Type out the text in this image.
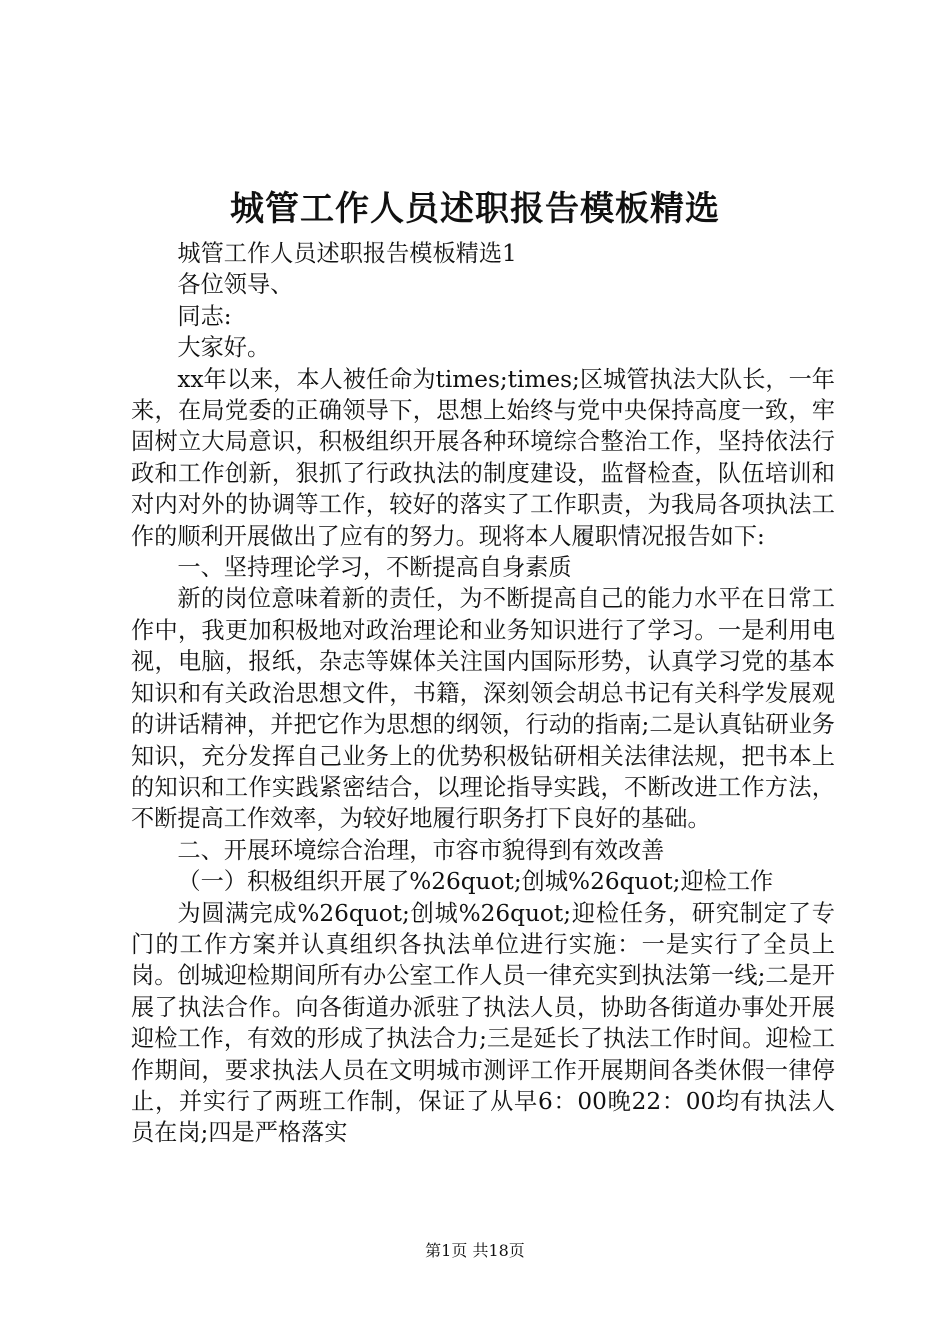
城管工作人员述职报告模板精选

城管工作人员述职报告模板精选1

各位领导、

同志:

大家好。

xx年以来，本人被任命为times;times;区城管执法大队长，一年来，在局党委的正确领导下，思想上始终与党中央保持高度一致，牢固树立大局意识，积极组织开展各种环境综合整治工作，坚持依法行政和工作创新，狠抓了行政执法的制度建设，监督检查，队伍培训和对内对外的协调等工作，较好的落实了工作职责，为我局各项执法工作的顺利开展做出了应有的努力。现将本人履职情况报告如下:

一、坚持理论学习，不断提高自身素质

新的岗位意味着新的责任，为不断提高自己的能力水平在日常工作中，我更加积极地对政治理论和业务知识进行了学习。一是利用电视，电脑，报纸，杂志等媒体关注国内国际形势，认真学习党的基本知识和有关政治思想文件，书籍，深刻领会胡总书记有关科学发展观的讲话精神，并把它作为思想的纲领，行动的指南;二是认真钻研业务知识，充分发挥自己业务上的优势积极钻研相关法律法规，把书本上的知识和工作实践紧密结合，以理论指导实践，不断改进工作方法，不断提高工作效率，为较好地履行职务打下良好的基础。

二、开展环境综合治理，市容市貌得到有效改善

（一）积极组织开展了%26quot;创城%26quot;迎检工作

为圆满完成%26quot;创城%26quot;迎检任务，研究制定了专门的工作方案并认真组织各执法单位进行实施：一是实行了全员上岗。创城迎检期间所有办公室工作人员一律充实到执法第一线;二是开展了执法合作。向各街道办派驻了执法人员，协助各街道办事处开展迎检工作，有效的形成了执法合力;三是延长了执法工作时间。迎检工作期间，要求执法人员在文明城市测评工作开展期间各类休假一律停止，并实行了两班工作制，保证了从早6：00晚22：00均有执法人员在岗;四是严格落实

第1页 共18页
